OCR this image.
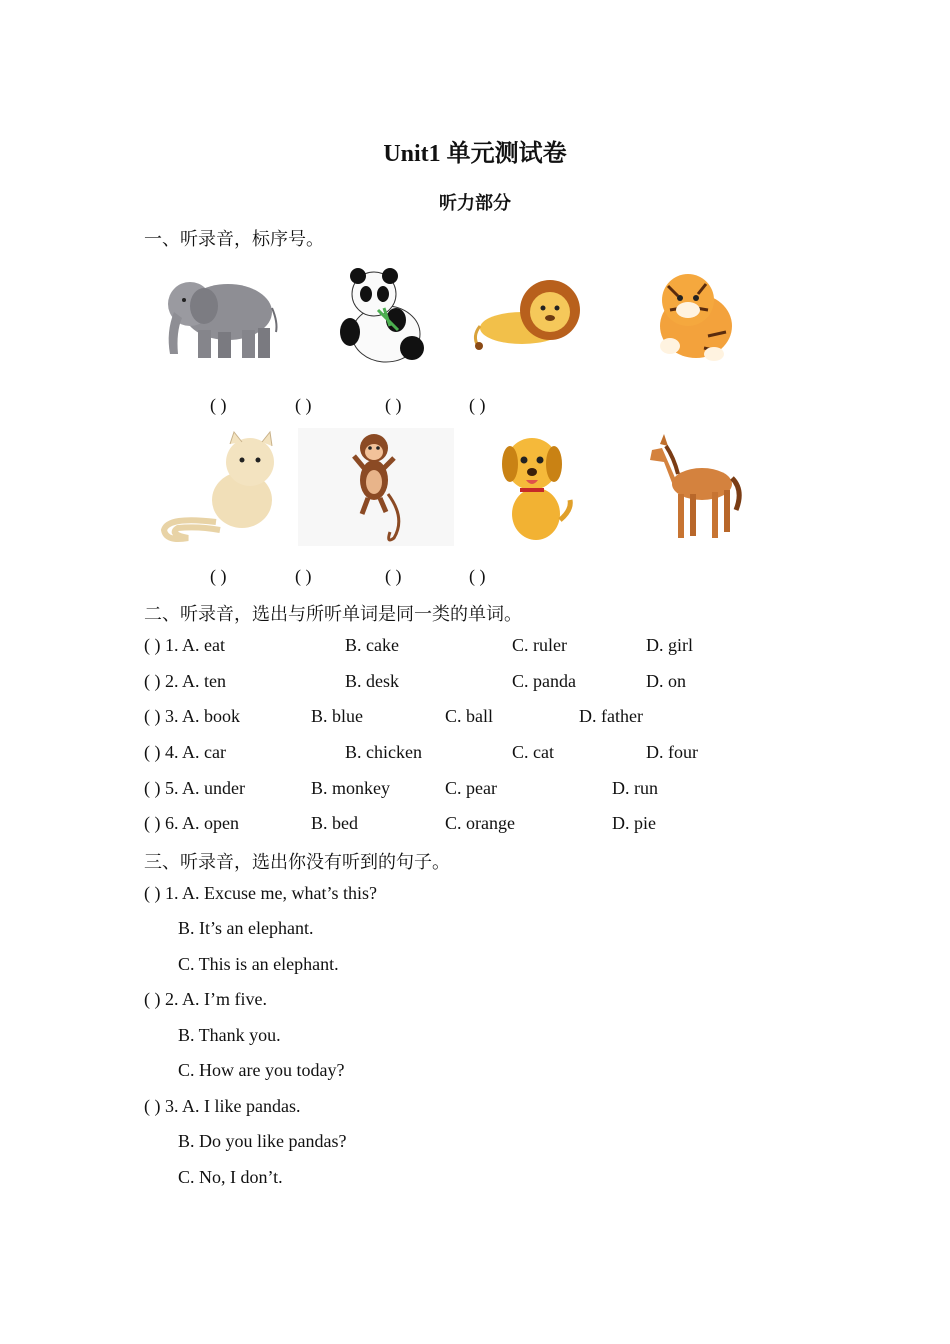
Unit1 单元测试卷
听力部分
一、听录音，标序号。
( )	( )	( )	( )
( )	( )	( )	( )
二、听录音，选出与所听单词是同一类的单词。
( ) 1. A. eat	B. cake	C. ruler	D. girl
( ) 2. A. ten	B. desk	C. panda	D. on
( ) 3. A. book	B. blue	C. ball	D. father
( ) 4. A. car	B. chicken	C. cat	D. four
( ) 5. A. under	B. monkey	C. pear	D. run
( ) 6. A. open	B. bed	C. orange	D. pie
三、听录音，选出你没有听到的句子。
( ) 1. A. Excuse me, what’s this?
B. It’s an elephant.
C. This is an elephant.
( ) 2. A. I’m five.
B. Thank you.
C. How are you today?
( ) 3. A. I like pandas.
B. Do you like pandas?
C. No, I don’t.
